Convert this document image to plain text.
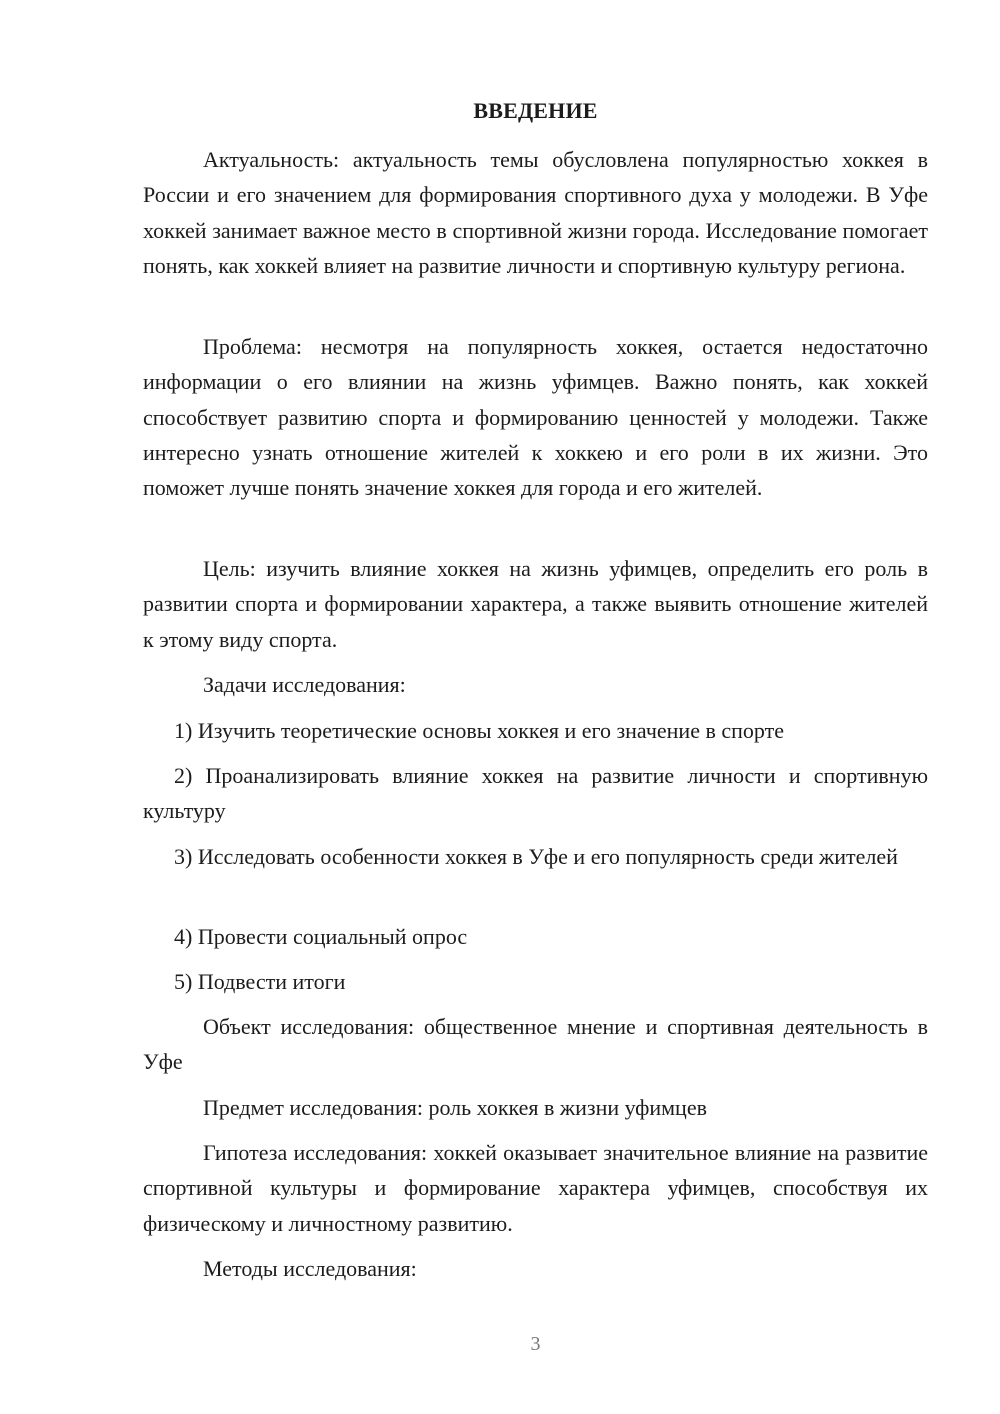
ВВЕДЕНИЕ

Актуальность: актуальность темы обусловлена популярностью хоккея в России и его значением для формирования спортивного духа у молодежи. В Уфе хоккей занимает важное место в спортивной жизни города. Исследование помогает понять, как хоккей влияет на развитие личности и спортивную культуру региона.

Проблема: несмотря на популярность хоккея, остается недостаточно информации о его влиянии на жизнь уфимцев. Важно понять, как хоккей способствует развитию спорта и формированию ценностей у молодежи. Также интересно узнать отношение жителей к хоккею и его роли в их жизни. Это поможет лучше понять значение хоккея для города и его жителей.

Цель: изучить влияние хоккея на жизнь уфимцев, определить его роль в развитии спорта и формировании характера, а также выявить отношение жителей к этому виду спорта.

Задачи исследования:

1) Изучить теоретические основы хоккея и его значение в спорте

2) Проанализировать влияние хоккея на развитие личности и спортивную культуру

3) Исследовать особенности хоккея в Уфе и его популярность среди жителей

4) Провести социальный опрос

5) Подвести итоги

Объект исследования: общественное мнение и спортивная деятельность в Уфе

Предмет исследования: роль хоккея в жизни уфимцев

Гипотеза исследования: хоккей оказывает значительное влияние на развитие спортивной культуры и формирование характера уфимцев, способствуя их физическому и личностному развитию.

Методы исследования:

3
